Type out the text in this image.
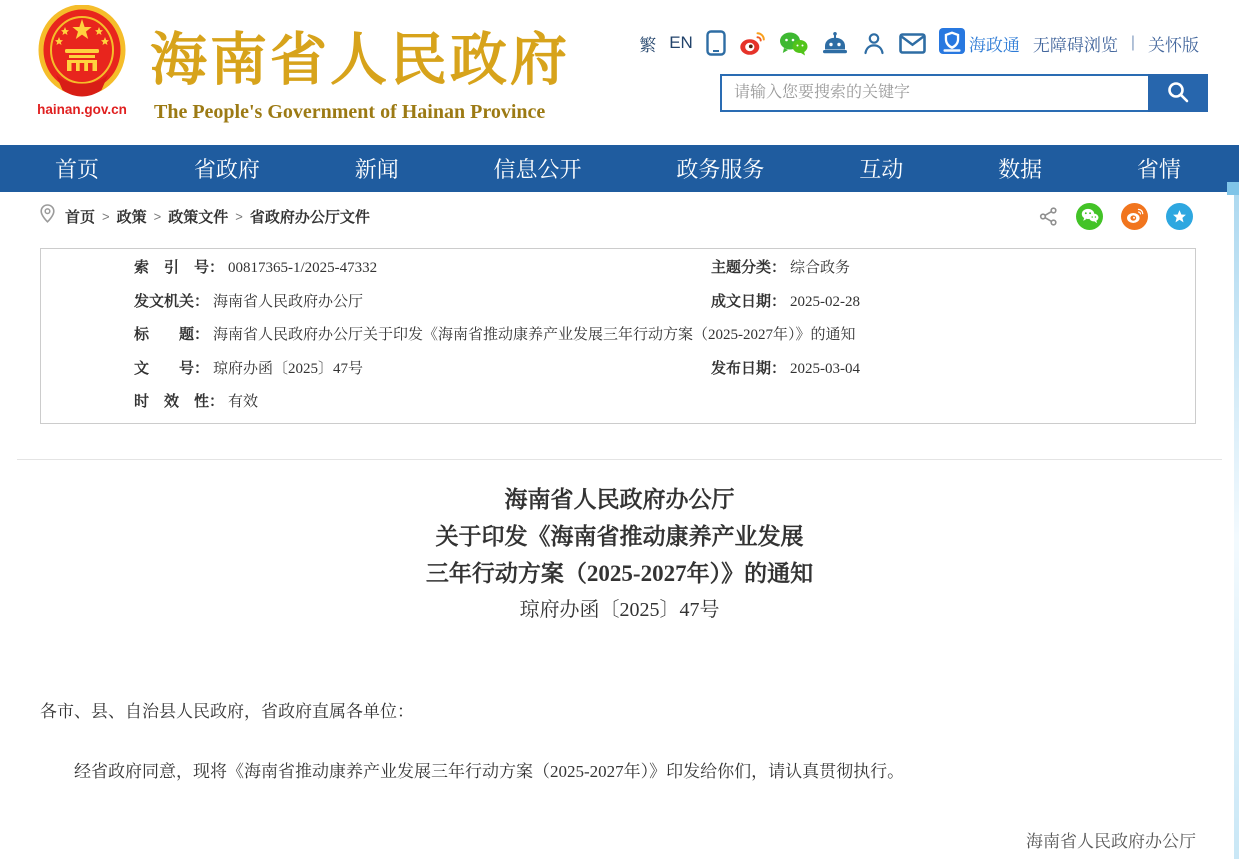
hainan.gov.cn
海南省人民政府
The People's Government of Hainan Province
繁 EN	海政通 无障碍浏览 | 关怀版
请输入您要搜索的关键字
首页	省政府	新闻	信息公开	政务服务	互动	数据	省情
首页 > 政策 > 政策文件 > 省政府办公厅文件
索　引　号： 00817365-1/2025-47332	主题分类： 综合政务
发文机关： 海南省人民政府办公厅	成文日期： 2025-02-28
标　　题： 海南省人民政府办公厅关于印发《海南省推动康养产业发展三年行动方案（2025-2027年）》的通知
文　　号： 琼府办函〔2025〕47号	发布日期： 2025-03-04
时　效　性： 有效
海南省人民政府办公厅
关于印发《海南省推动康养产业发展
三年行动方案（2025-2027年）》的通知
琼府办函〔2025〕47号

各市、县、自治县人民政府，省政府直属各单位：

经省政府同意，现将《海南省推动康养产业发展三年行动方案（2025-2027年）》印发给你们，请认真贯彻执行。

海南省人民政府办公厅
